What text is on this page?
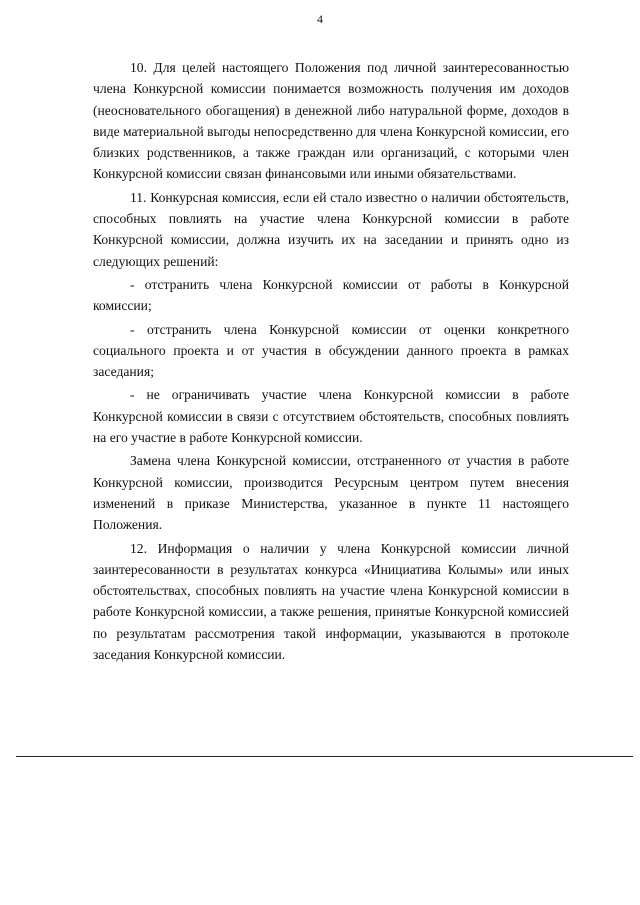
4

10. Для целей настоящего Положения под личной заинтересованностью члена Конкурсной комиссии понимается возможность получения им доходов (неосновательного обогащения) в денежной либо натуральной форме, доходов в виде материальной выгоды непосредственно для члена Конкурсной комиссии, его близких родственников, а также граждан или организаций, с которыми член Конкурсной комиссии связан финансовыми или иными обязательствами.

11. Конкурсная комиссия, если ей стало известно о наличии обстоятельств, способных повлиять на участие члена Конкурсной комиссии в работе Конкурсной комиссии, должна изучить их на заседании и принять одно из следующих решений:

- отстранить члена Конкурсной комиссии от работы в Конкурсной комиссии;

- отстранить члена Конкурсной комиссии от оценки конкретного социального проекта и от участия в обсуждении данного проекта в рамках заседания;

- не ограничивать участие члена Конкурсной комиссии в работе Конкурсной комиссии в связи с отсутствием обстоятельств, способных повлиять на его участие в работе Конкурсной комиссии.

Замена члена Конкурсной комиссии, отстраненного от участия в работе Конкурсной комиссии, производится Ресурсным центром путем внесения изменений в приказе Министерства, указанное в пункте 11 настоящего Положения.

12. Информация о наличии у члена Конкурсной комиссии личной заинтересованности в результатах конкурса «Инициатива Колымы» или иных обстоятельствах, способных повлиять на участие члена Конкурсной комиссии в работе Конкурсной комиссии, а также решения, принятые Конкурсной комиссией по результатам рассмотрения такой информации, указываются в протоколе заседания Конкурсной комиссии.
